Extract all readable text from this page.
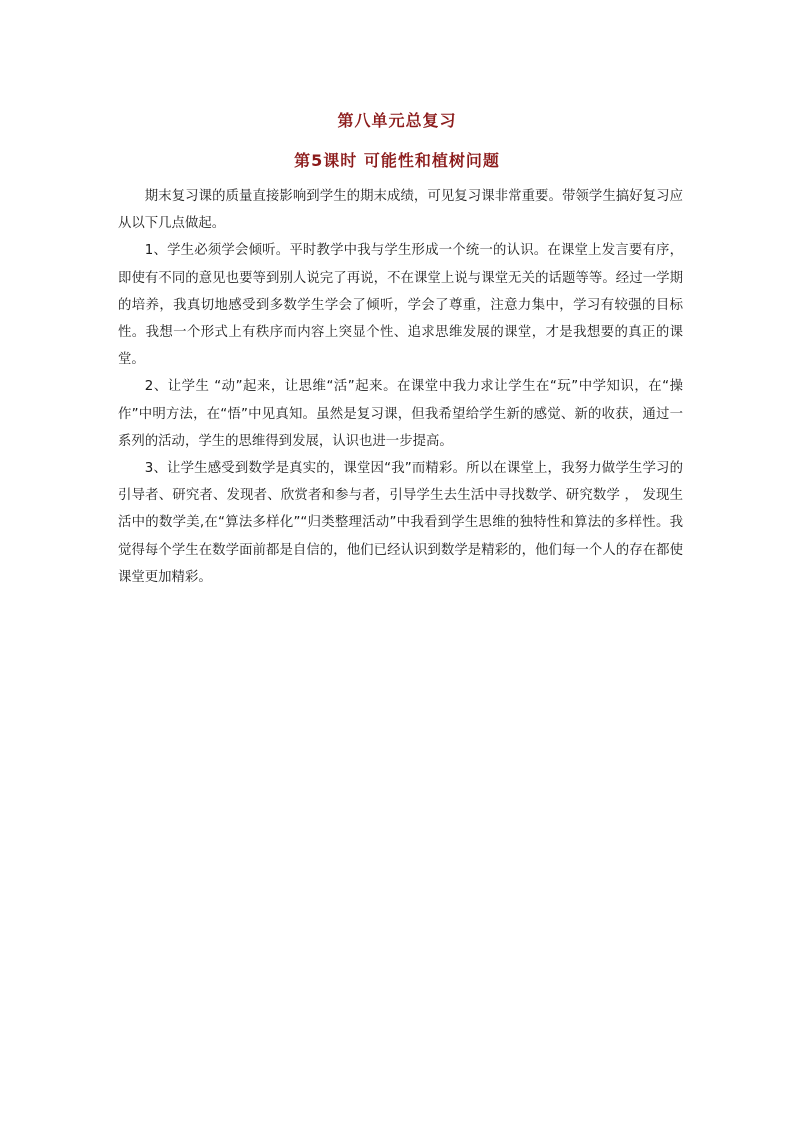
第八单元总复习
第5课时 可能性和植树问题

期末复习课的质量直接影响到学生的期末成绩，可见复习课非常重要。带领学生搞好复习应从以下几点做起。

1、学生必须学会倾听。平时教学中我与学生形成一个统一的认识。在课堂上发言要有序，即使有不同的意见也要等到别人说完了再说，不在课堂上说与课堂无关的话题等等。经过一学期的培养，我真切地感受到多数学生学会了倾听，学会了尊重，注意力集中，学习有较强的目标性。我想一个形式上有秩序而内容上突显个性、追求思维发展的课堂，才是我想要的真正的课堂。

2、让学生 “动”起来，让思维“活”起来。在课堂中我力求让学生在“玩”中学知识，在“操作”中明方法，在“悟”中见真知。虽然是复习课，但我希望给学生新的感觉、新的收获，通过一系列的活动，学生的思维得到发展，认识也进一步提高。

3、让学生感受到数学是真实的，课堂因“我”而精彩。所以在课堂上，我努力做学生学习的引导者、研究者、发现者、欣赏者和参与者，引导学生去生活中寻找数学、研究数学 ， 发现生活中的数学美,在“算法多样化”“归类整理活动”中我看到学生思维的独特性和算法的多样性。我觉得每个学生在数学面前都是自信的，他们已经认识到数学是精彩的，他们每一个人的存在都使课堂更加精彩。
